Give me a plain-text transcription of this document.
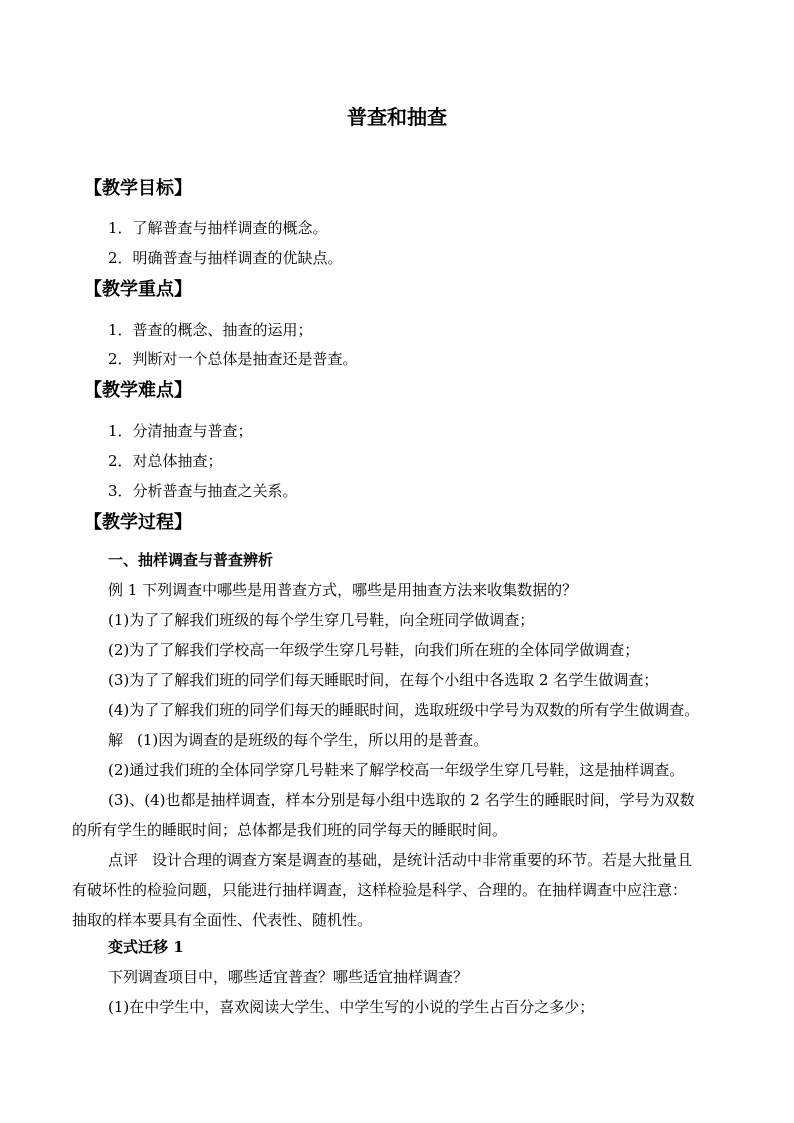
普查和抽查
【教学目标】
1．了解普查与抽样调查的概念。
2．明确普查与抽样调查的优缺点。
【教学重点】
1．普查的概念、抽查的运用；
2．判断对一个总体是抽查还是普查。
【教学难点】
1．分清抽查与普查；
2．对总体抽查；
3．分析普查与抽查之关系。
【教学过程】
一、抽样调查与普查辨析
例 1 下列调查中哪些是用普查方式，哪些是用抽查方法来收集数据的？
(1)为了了解我们班级的每个学生穿几号鞋，向全班同学做调查；
(2)为了了解我们学校高一年级学生穿几号鞋，向我们所在班的全体同学做调查；
(3)为了了解我们班的同学们每天睡眠时间，在每个小组中各选取 2 名学生做调查；
(4)为了了解我们班的同学们每天的睡眠时间，选取班级中学号为双数的所有学生做调查。
解 (1)因为调查的是班级的每个学生，所以用的是普查。
(2)通过我们班的全体同学穿几号鞋来了解学校高一年级学生穿几号鞋，这是抽样调查。
(3)、(4)也都是抽样调查，样本分别是每小组中选取的 2 名学生的睡眠时间，学号为双数
的所有学生的睡眠时间；总体都是我们班的同学每天的睡眠时间。
点评 设计合理的调查方案是调查的基础，是统计活动中非常重要的环节。若是大批量且
有破坏性的检验问题，只能进行抽样调查，这样检验是科学、合理的。在抽样调查中应注意：
抽取的样本要具有全面性、代表性、随机性。
变式迁移 1
下列调查项目中，哪些适宜普查？哪些适宜抽样调查？
(1)在中学生中，喜欢阅读大学生、中学生写的小说的学生占百分之多少；
